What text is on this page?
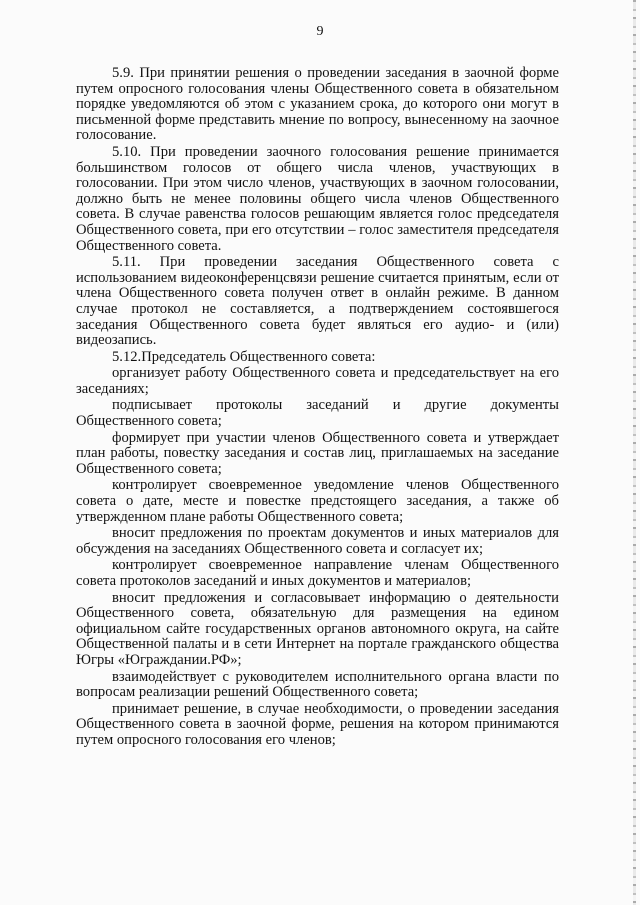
9

5.9. При принятии решения о проведении заседания в заочной форме путем опросного голосования члены Общественного совета в обязательном порядке уведомляются об этом с указанием срока, до которого они могут в письменной форме представить мнение по вопросу, вынесенному на заочное голосование.

5.10. При проведении заочного голосования решение принимается большинством голосов от общего числа членов, участвующих в голосовании. При этом число членов, участвующих в заочном голосовании, должно быть не менее половины общего числа членов Общественного совета. В случае равенства голосов решающим является голос председателя Общественного совета, при его отсутствии – голос заместителя председателя Общественного совета.

5.11. При проведении заседания Общественного совета с использованием видеоконференцсвязи решение считается принятым, если от члена Общественного совета получен ответ в онлайн режиме. В данном случае протокол не составляется, а подтверждением состоявшегося заседания Общественного совета будет являться его аудио- и (или) видеозапись.

5.12.Председатель Общественного совета:

организует работу Общественного совета и председательствует на его заседаниях;

подписывает протоколы заседаний и другие документы Общественного совета;

формирует при участии членов Общественного совета и утверждает план работы, повестку заседания и состав лиц, приглашаемых на заседание Общественного совета;

контролирует своевременное уведомление членов Общественного совета о дате, месте и повестке предстоящего заседания, а также об утвержденном плане работы Общественного совета;

вносит предложения по проектам документов и иных материалов для обсуждения на заседаниях Общественного совета и согласует их;

контролирует своевременное направление членам Общественного совета протоколов заседаний и иных документов и материалов;

вносит предложения и согласовывает информацию о деятельности Общественного совета, обязательную для размещения на едином официальном сайте государственных органов автономного округа, на сайте Общественной палаты и в сети Интернет на портале гражданского общества Югры «Юграждании.РФ»;

взаимодействует с руководителем исполнительного органа власти по вопросам реализации решений Общественного совета;

принимает решение, в случае необходимости, о проведении заседания Общественного совета в заочной форме, решения на котором принимаются путем опросного голосования его членов;
